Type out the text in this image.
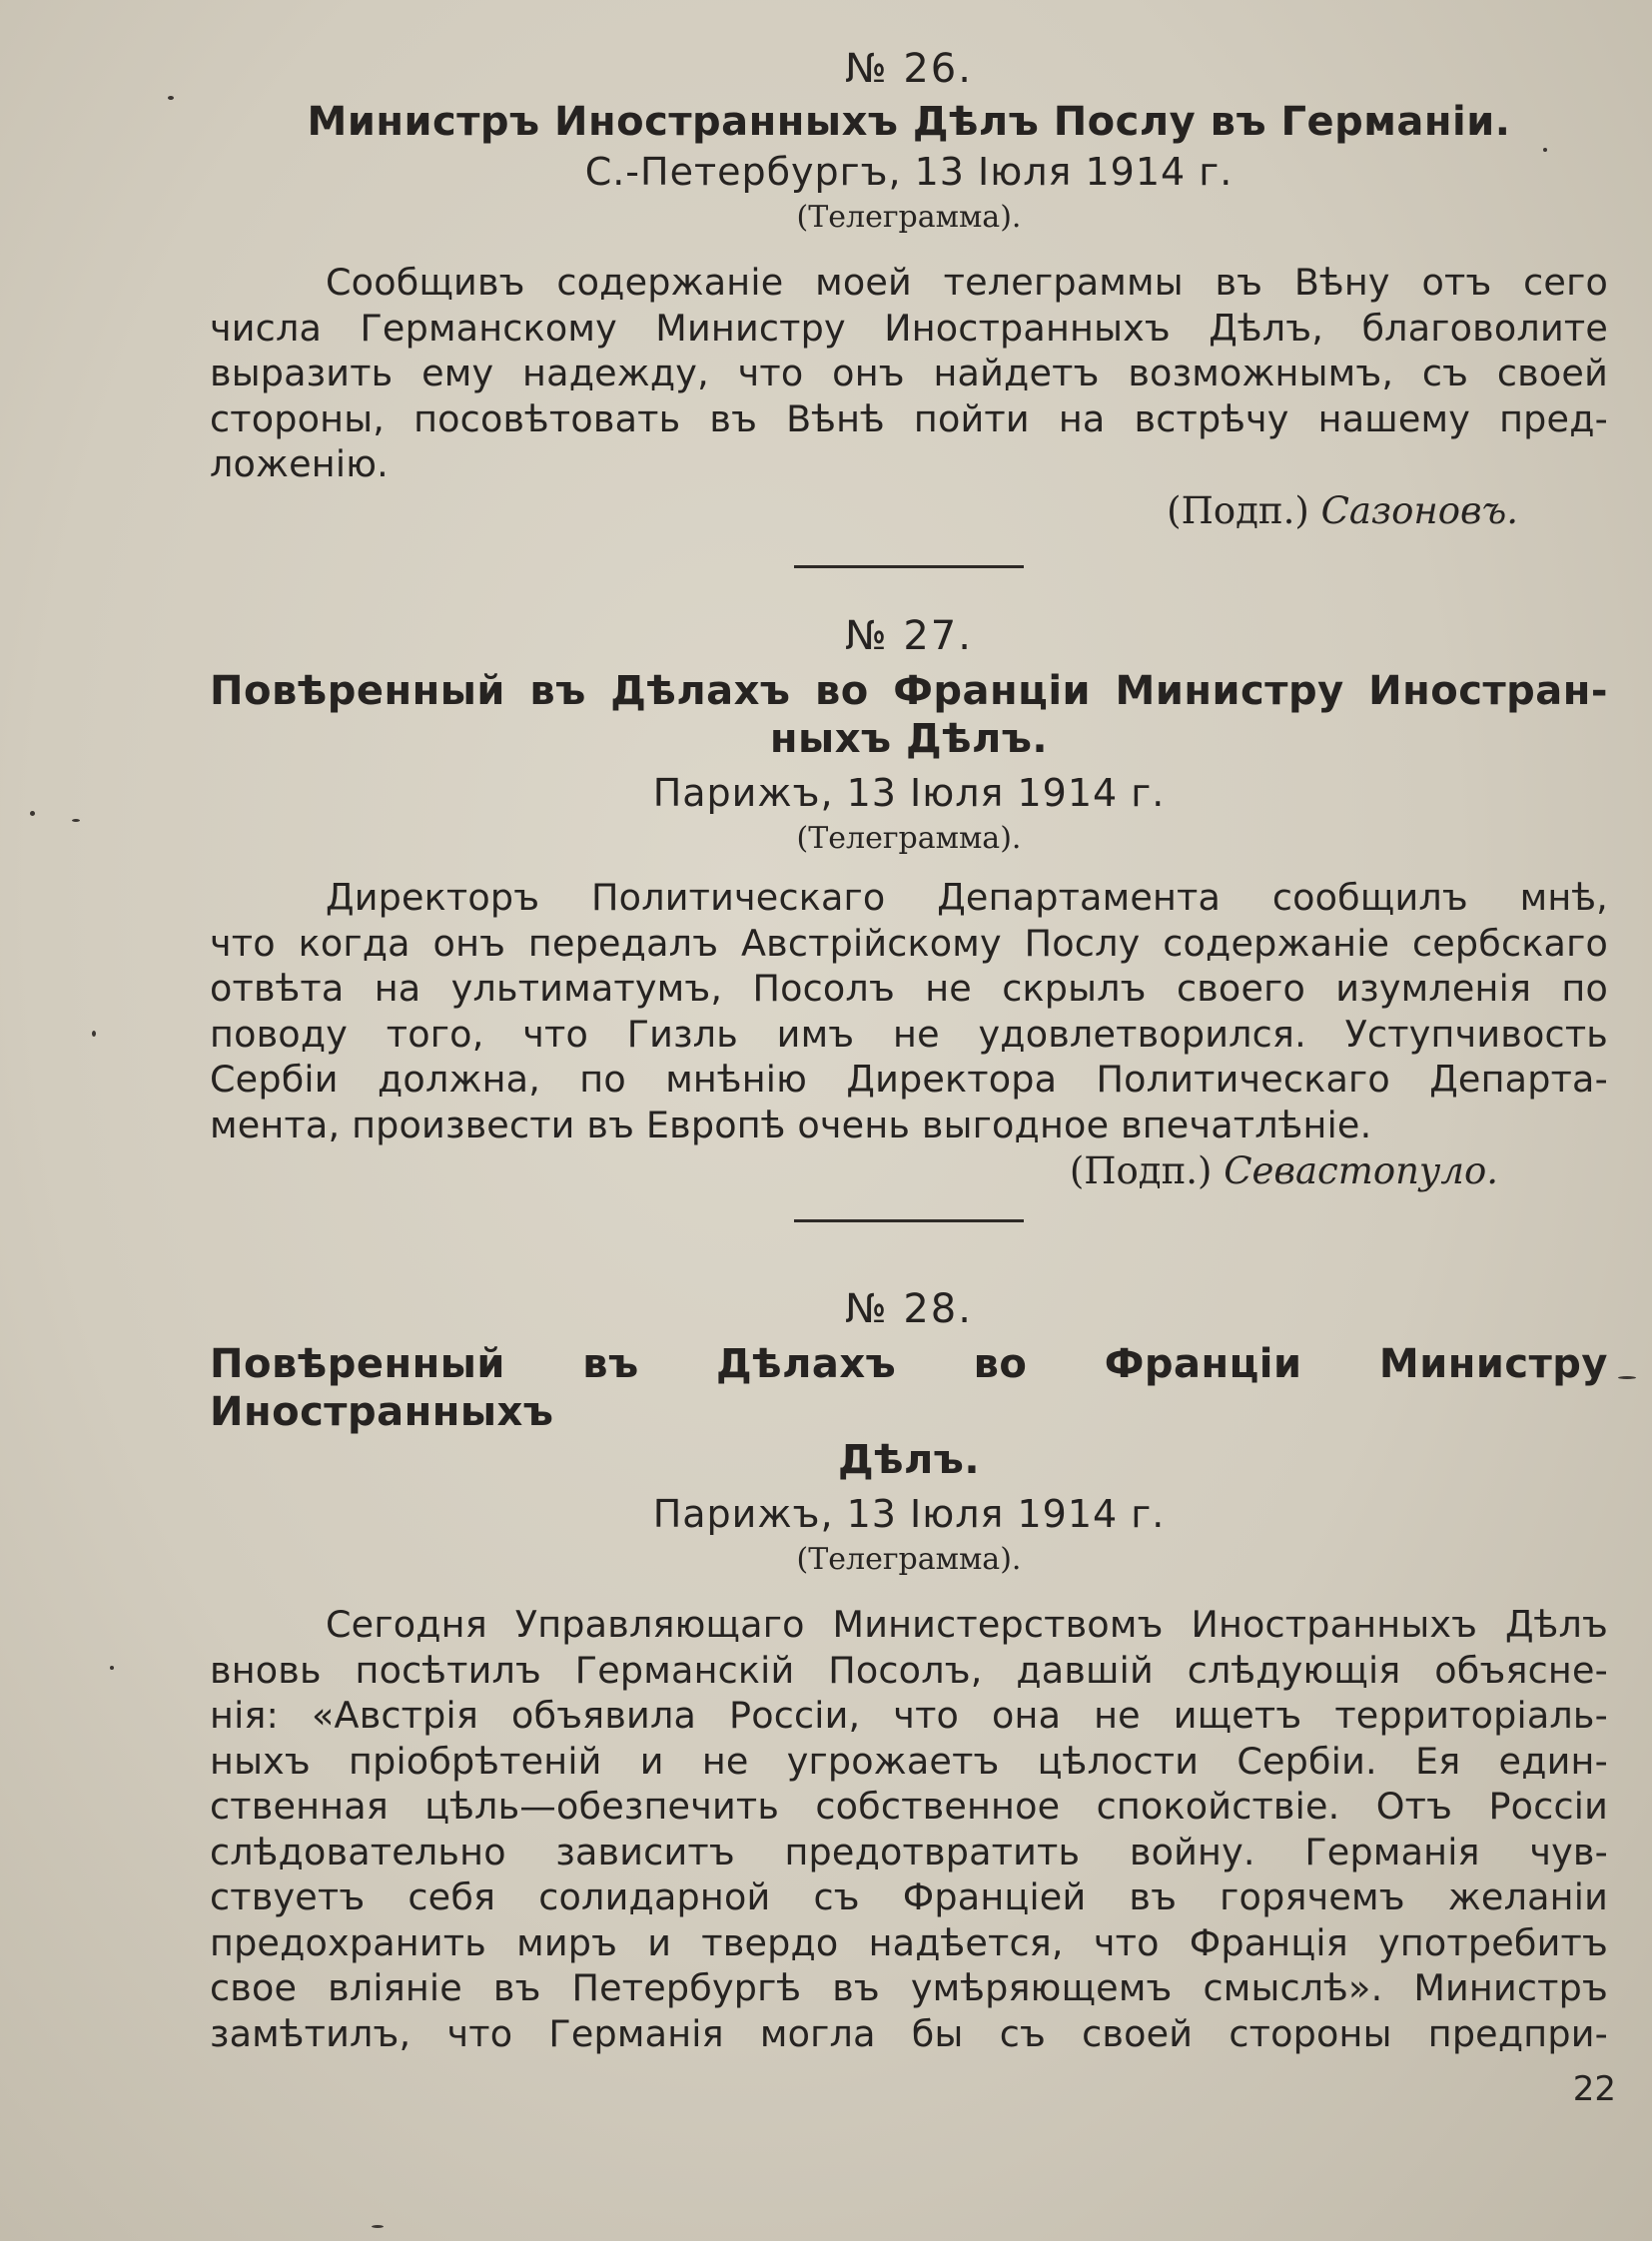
№ 26.
Министръ Иностранныхъ Дѣлъ Послу въ Германіи.
С.-Петербургъ, 13 Іюля 1914 г.
(Телеграмма).
Сообщивъ содержаніе моей телеграммы въ Вѣну отъ сего
числа Германскому Министру Иностранныхъ Дѣлъ, благоволите
выразить ему надежду, что онъ найдетъ возможнымъ, съ своей
стороны, посовѣтовать въ Вѣнѣ пойти на встрѣчу нашему пред-
ложенію.
(Подп.) Сазоновъ.
№ 27.
Повѣренный въ Дѣлахъ во Франціи Министру Иностран-
ныхъ Дѣлъ.
Парижъ, 13 Іюля 1914 г.
(Телеграмма).
Директоръ Политическаго Департамента сообщилъ мнѣ,
что когда онъ передалъ Австрійскому Послу содержаніе сербскаго
отвѣта на ультиматумъ, Посолъ не скрылъ своего изумленія по
поводу того, что Гизль имъ не удовлетворился. Уступчивость
Сербіи должна, по мнѣнію Директора Политическаго Департа-
мента, произвести въ Европѣ очень выгодное впечатлѣніе.
(Подп.) Севастопуло.
№ 28.
Повѣренный въ Дѣлахъ во Франціи Министру Иностранныхъ
Дѣлъ.
Парижъ, 13 Іюля 1914 г.
(Телеграмма).
Сегодня Управляющаго Министерствомъ Иностранныхъ Дѣлъ
вновь посѣтилъ Германскій Посолъ, давшій слѣдующія объясне-
нія: «Австрія объявила Россіи, что она не ищетъ территоріаль-
ныхъ пріобрѣтеній и не угрожаетъ цѣлости Сербіи. Ея един-
ственная цѣль—обезпечить собственное спокойствіе. Отъ Россіи
слѣдовательно зависитъ предотвратить войну. Германія чув-
ствуетъ себя солидарной съ Франціей въ горячемъ желаніи
предохранить миръ и твердо надѣется, что Франція употребитъ
свое вліяніе въ Петербургѣ въ умѣряющемъ смыслѣ». Министръ
замѣтилъ, что Германія могла бы съ своей стороны предпри-
22
